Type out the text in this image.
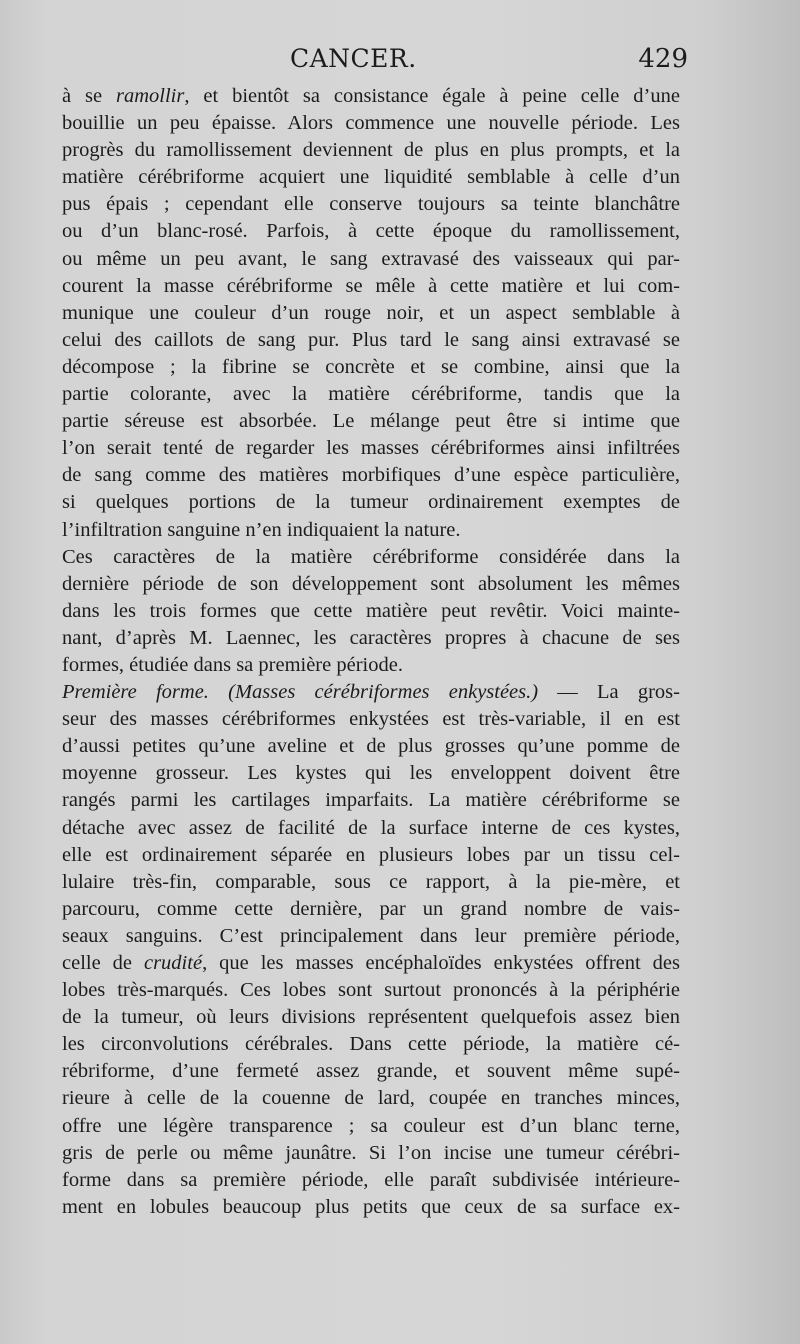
CANCER.	429
à se ramollir, et bientôt sa consistance égale à peine celle d’une
bouillie un peu épaisse. Alors commence une nouvelle période. Les
progrès du ramollissement deviennent de plus en plus prompts, et la
matière cérébriforme acquiert une liquidité semblable à celle d’un
pus épais ; cependant elle conserve toujours sa teinte blanchâtre
ou d’un blanc-rosé. Parfois, à cette époque du ramollissement,
ou même un peu avant, le sang extravasé des vaisseaux qui par-
courent la masse cérébriforme se mêle à cette matière et lui com-
munique une couleur d’un rouge noir, et un aspect semblable à
celui des caillots de sang pur. Plus tard le sang ainsi extravasé se
décompose ; la fibrine se concrète et se combine, ainsi que la
partie colorante, avec la matière cérébriforme, tandis que la
partie séreuse est absorbée. Le mélange peut être si intime que
l’on serait tenté de regarder les masses cérébriformes ainsi infiltrées
de sang comme des matières morbifiques d’une espèce particulière,
si quelques portions de la tumeur ordinairement exemptes de
l’infiltration sanguine n’en indiquaient la nature.
Ces caractères de la matière cérébriforme considérée dans la
dernière période de son développement sont absolument les mêmes
dans les trois formes que cette matière peut revêtir. Voici mainte-
nant, d’après M. Laennec, les caractères propres à chacune de ses
formes, étudiée dans sa première période.
Première forme. (Masses cérébriformes enkystées.) — La gros-
seur des masses cérébriformes enkystées est très-variable, il en est
d’aussi petites qu’une aveline et de plus grosses qu’une pomme de
moyenne grosseur. Les kystes qui les enveloppent doivent être
rangés parmi les cartilages imparfaits. La matière cérébriforme se
détache avec assez de facilité de la surface interne de ces kystes,
elle est ordinairement séparée en plusieurs lobes par un tissu cel-
lulaire très-fin, comparable, sous ce rapport, à la pie-mère, et
parcouru, comme cette dernière, par un grand nombre de vais-
seaux sanguins. C’est principalement dans leur première période,
celle de crudité, que les masses encéphaloïdes enkystées offrent des
lobes très-marqués. Ces lobes sont surtout prononcés à la périphérie
de la tumeur, où leurs divisions représentent quelquefois assez bien
les circonvolutions cérébrales. Dans cette période, la matière cé-
rébriforme, d’une fermeté assez grande, et souvent même supé-
rieure à celle de la couenne de lard, coupée en tranches minces,
offre une légère transparence ; sa couleur est d’un blanc terne,
gris de perle ou même jaunâtre. Si l’on incise une tumeur cérébri-
forme dans sa première période, elle paraît subdivisée intérieure-
ment en lobules beaucoup plus petits que ceux de sa surface ex-
